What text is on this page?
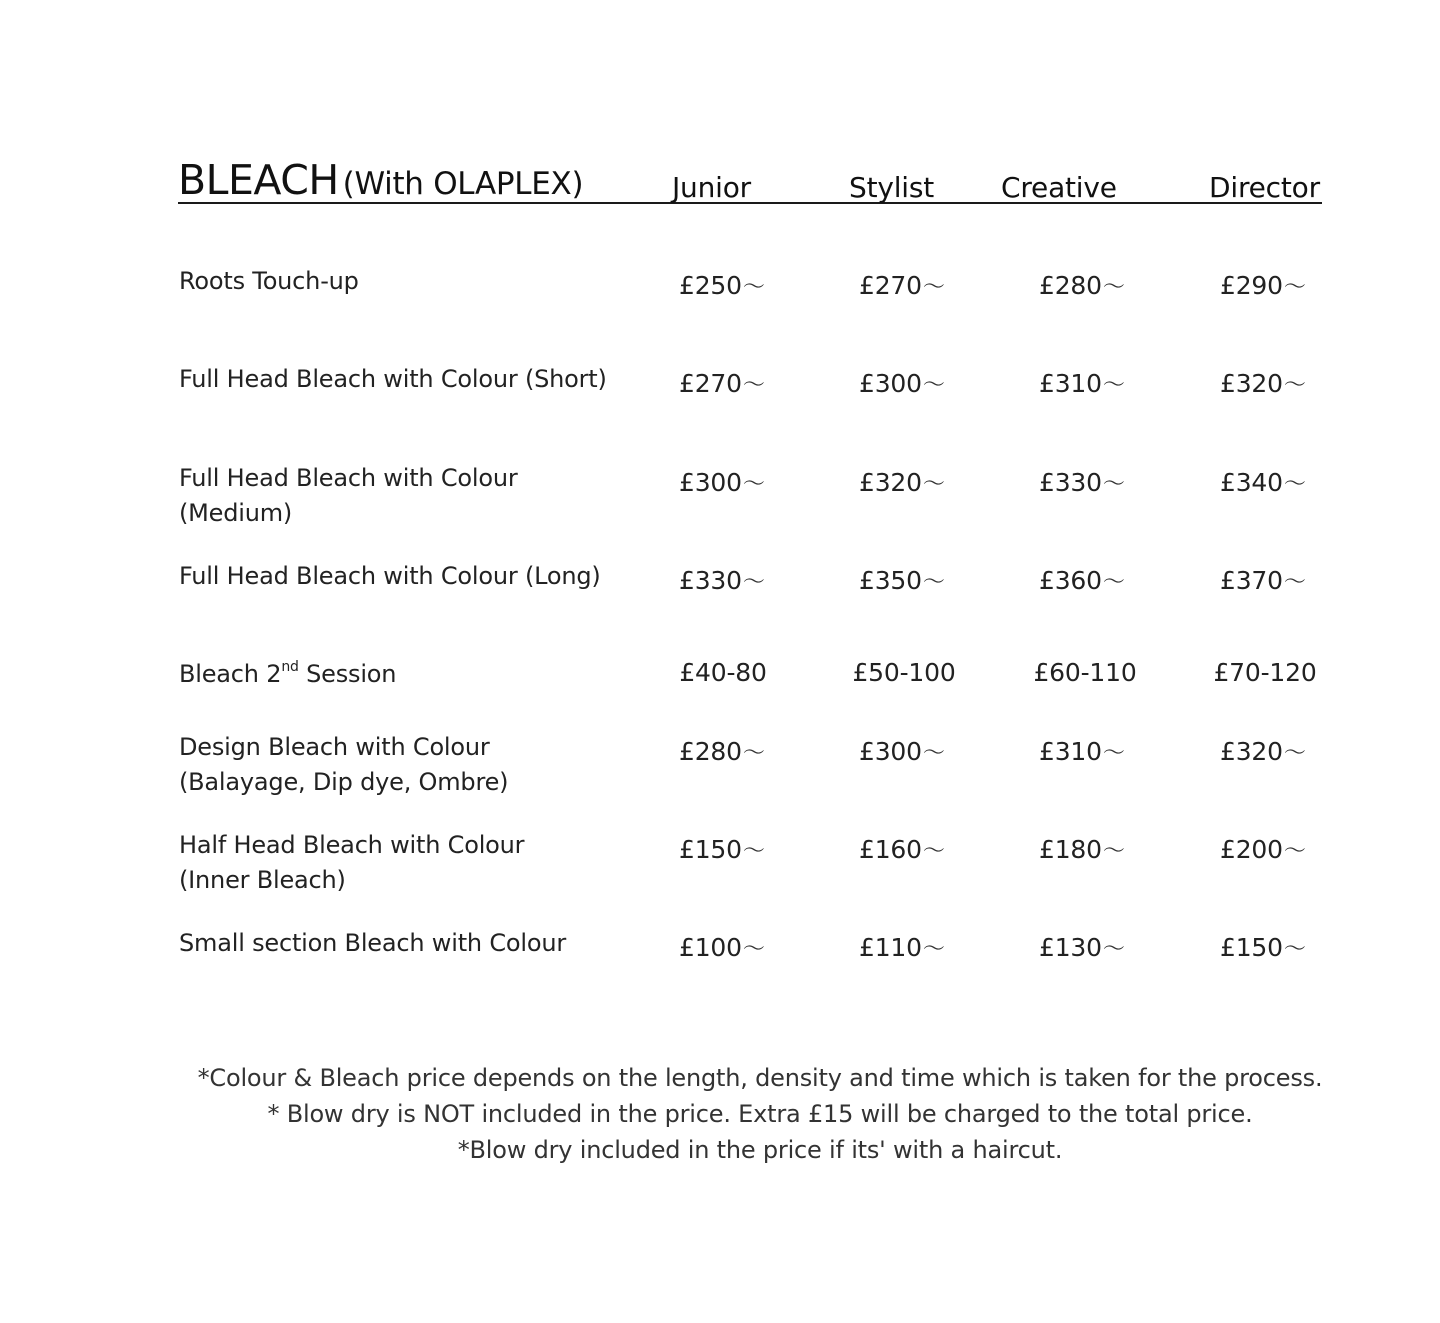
BLEACH (With OLAPLEX)	Junior	Stylist Creative	Director
Roots Touch-up	£250〜	£270〜	£280〜	£290〜
Full Head Bleach with Colour (Short)	£270〜	£300〜	£310〜	£320〜
Full Head Bleach with Colour
(Medium)
£300〜	£320〜	£330〜	£340〜
Full Head Bleach with Colour (Long)	£330〜	£350〜	£360〜	£370〜
Bleach 2nd Session	£40-80	£50-100	£60-110	£70-120
Design Bleach with Colour
(Balayage, Dip dye, Ombre)
£280〜	£300〜	£310〜	£320〜
Half Head Bleach with Colour
(Inner Bleach)
£150〜	£160〜	£180〜	£200〜
Small section Bleach with Colour	£100〜	£110〜	£130〜	£150〜
*Colour & Bleach price depends on the length, density and time which is taken for the process.
* Blow dry is NOT included in the price. Extra £15 will be charged to the total price.
*Blow dry included in the price if its' with a haircut.
